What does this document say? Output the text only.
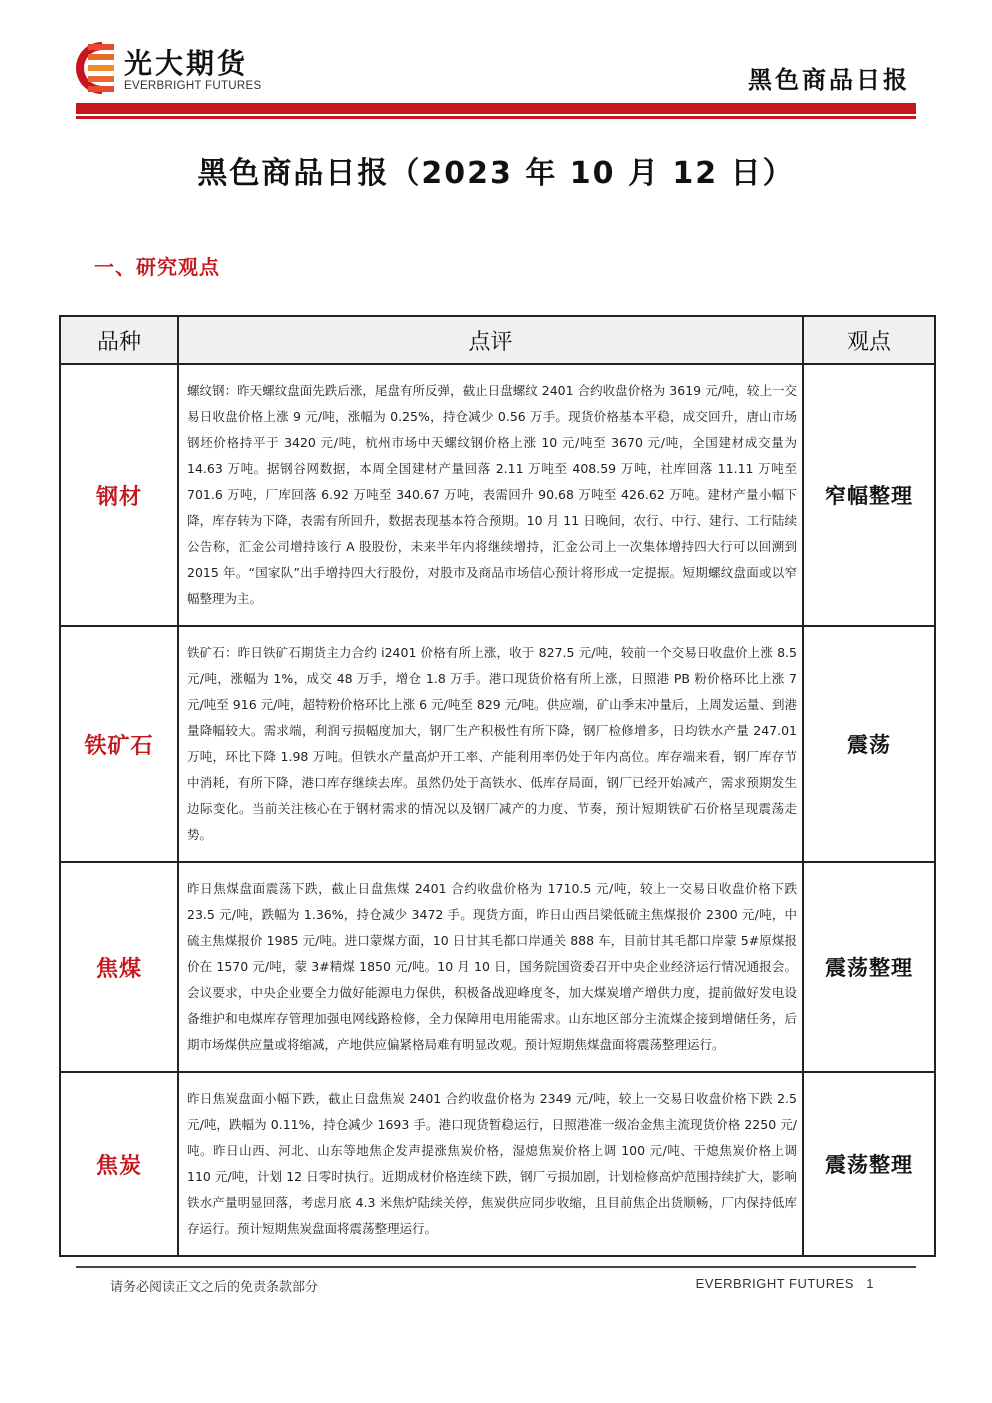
光大期货
EVERBRIGHT FUTURES	黑色商品日报
黑色商品日报（2023 年 10 月 12 日）
一、研究观点
品种	点评	观点
钢材	螺纹钢：昨天螺纹盘面先跌后涨，尾盘有所反弹，截止日盘螺纹 2401 合约收盘价格为 3619 元/吨，较上一交易日收盘价格上涨 9 元/吨，涨幅为 0.25%，持仓减少 0.56 万手。现货价格基本平稳，成交回升，唐山市场钢坯价格持平于 3420 元/吨，杭州市场中天螺纹钢价格上涨 10 元/吨至 3670 元/吨，全国建材成交量为 14.63 万吨。据钢谷网数据，本周全国建材产量回落 2.11 万吨至 408.59 万吨，社库回落 11.11 万吨至 701.6 万吨，厂库回落 6.92 万吨至 340.67 万吨，表需回升 90.68 万吨至 426.62 万吨。建材产量小幅下降，库存转为下降，表需有所回升，数据表现基本符合预期。10 月 11 日晚间，农行、中行、建行、工行陆续公告称，汇金公司增持该行 A 股股份，未来半年内将继续增持，汇金公司上一次集体增持四大行可以回溯到 2015 年。“国家队”出手增持四大行股份，对股市及商品市场信心预计将形成一定提振。短期螺纹盘面或以窄幅整理为主。	窄幅整理
铁矿石	铁矿石：昨日铁矿石期货主力合约 i2401 价格有所上涨，收于 827.5 元/吨，较前一个交易日收盘价上涨 8.5 元/吨，涨幅为 1%，成交 48 万手，增仓 1.8 万手。港口现货价格有所上涨，日照港 PB 粉价格环比上涨 7 元/吨至 916 元/吨，超特粉价格环比上涨 6 元/吨至 829 元/吨。供应端，矿山季末冲量后，上周发运量、到港量降幅较大。需求端，利润亏损幅度加大，钢厂生产积极性有所下降，钢厂检修增多，日均铁水产量 247.01 万吨，环比下降 1.98 万吨。但铁水产量高炉开工率、产能利用率仍处于年内高位。库存端来看，钢厂库存节中消耗，有所下降，港口库存继续去库。虽然仍处于高铁水、低库存局面，钢厂已经开始减产，需求预期发生边际变化。当前关注核心在于钢材需求的情况以及钢厂减产的力度、节奏，预计短期铁矿石价格呈现震荡走势。	震荡
焦煤	昨日焦煤盘面震荡下跌，截止日盘焦煤 2401 合约收盘价格为 1710.5 元/吨，较上一交易日收盘价格下跌 23.5 元/吨，跌幅为 1.36%，持仓减少 3472 手。现货方面，昨日山西吕梁低硫主焦煤报价 2300 元/吨，中硫主焦煤报价 1985 元/吨。进口蒙煤方面，10 日甘其毛都口岸通关 888 车，目前甘其毛都口岸蒙 5#原煤报价在 1570 元/吨，蒙 3#精煤 1850 元/吨。10 月 10 日，国务院国资委召开中央企业经济运行情况通报会。会议要求，中央企业要全力做好能源电力保供，积极备战迎峰度冬，加大煤炭增产增供力度，提前做好发电设备维护和电煤库存管理加强电网线路检修，全力保障用电用能需求。山东地区部分主流煤企接到增储任务，后期市场煤供应量或将缩减，产地供应偏紧格局难有明显改观。预计短期焦煤盘面将震荡整理运行。	震荡整理
焦炭	昨日焦炭盘面小幅下跌，截止日盘焦炭 2401 合约收盘价格为 2349 元/吨，较上一交易日收盘价格下跌 2.5 元/吨，跌幅为 0.11%，持仓减少 1693 手。港口现货暂稳运行，日照港准一级冶金焦主流现货价格 2250 元/吨。昨日山西、河北、山东等地焦企发声提涨焦炭价格，湿熄焦炭价格上调 100 元/吨、干熄焦炭价格上调 110 元/吨，计划 12 日零时执行。近期成材价格连续下跌，钢厂亏损加剧，计划检修高炉范围持续扩大，影响铁水产量明显回落，考虑月底 4.3 米焦炉陆续关停，焦炭供应同步收缩，且目前焦企出货顺畅，厂内保持低库存运行。预计短期焦炭盘面将震荡整理运行。	震荡整理
请务必阅读正文之后的免责条款部分	EVERBRIGHT FUTURES 1
